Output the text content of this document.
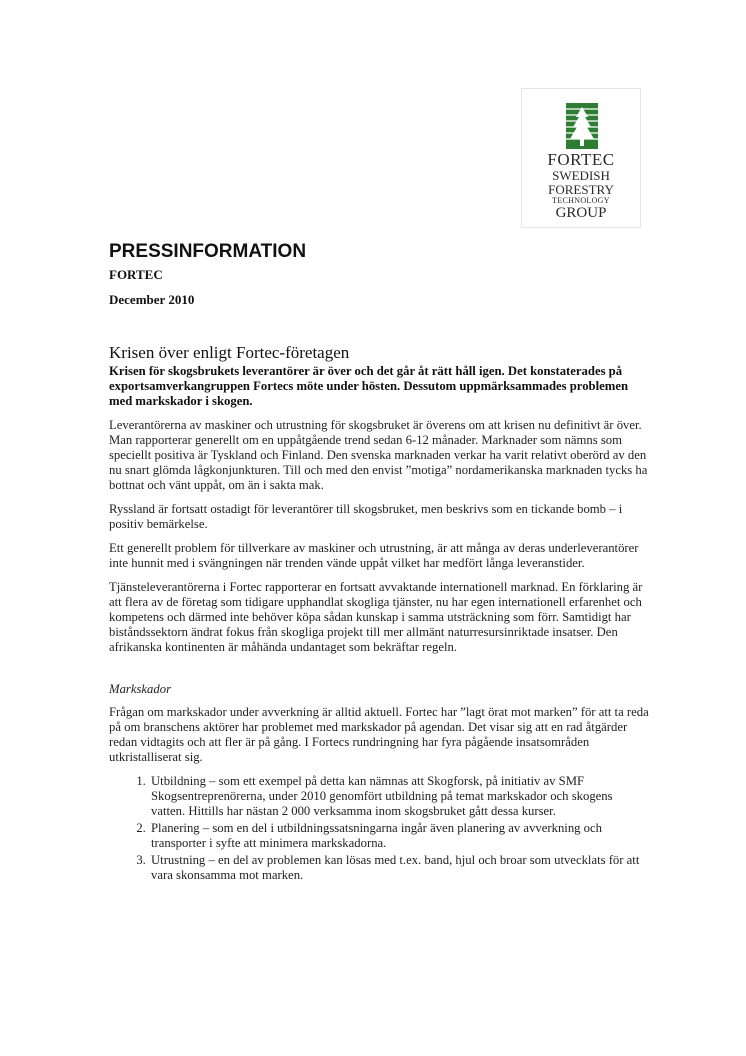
FORTEC
SWEDISH
FORESTRY
TECHNOLOGY
GROUP
PRESSINFORMATION
FORTEC
December 2010
Krisen över enligt Fortec-företagen

Krisen för skogsbrukets leverantörer är över och det går åt rätt håll igen. Det konstaterades på exportsamverkangruppen Fortecs möte under hösten. Dessutom uppmärksammades problemen med markskador i skogen.

Leverantörerna av maskiner och utrustning för skogsbruket är överens om att krisen nu definitivt är över. Man rapporterar generellt om en uppåtgående trend sedan 6-12 månader. Marknader som nämns som speciellt positiva är Tyskland och Finland. Den svenska marknaden verkar ha varit relativt oberörd av den nu snart glömda lågkonjunkturen. Till och med den envist ”motiga” nordamerikanska marknaden tycks ha bottnat och vänt uppåt, om än i sakta mak.

Ryssland är fortsatt ostadigt för leverantörer till skogsbruket, men beskrivs som en tickande bomb – i positiv bemärkelse.

Ett generellt problem för tillverkare av maskiner och utrustning, är att många av deras underleverantörer inte hunnit med i svängningen när trenden vände uppåt vilket har medfört långa leveranstider.

Tjänsteleverantörerna i Fortec rapporterar en fortsatt avvaktande internationell marknad. En förklaring är att flera av de företag som tidigare upphandlat skogliga tjänster, nu har egen internationell erfarenhet och kompetens och därmed inte behöver köpa sådan kunskap i samma utsträckning som förr. Samtidigt har biståndssektorn ändrat fokus från skogliga projekt till mer allmänt naturresursinriktade insatser. Den afrikanska kontinenten är måhända undantaget som bekräftar regeln.

Markskador

Frågan om markskador under avverkning är alltid aktuell. Fortec har ”lagt örat mot marken” för att ta reda på om branschens aktörer har problemet med markskador på agendan. Det visar sig att en rad åtgärder redan vidtagits och att fler är på gång. I Fortecs rundringning har fyra pågående insatsområden utkristalliserat sig.

1. Utbildning – som ett exempel på detta kan nämnas att Skogforsk, på initiativ av SMF Skogsentreprenörerna, under 2010 genomfört utbildning på temat markskador och skogens vatten. Hittills har nästan 2 000 verksamma inom skogsbruket gått dessa kurser.
2. Planering – som en del i utbildningssatsningarna ingår även planering av avverkning och transporter i syfte att minimera markskadorna.
3. Utrustning – en del av problemen kan lösas med t.ex. band, hjul och broar som utvecklats för att vara skonsamma mot marken.
